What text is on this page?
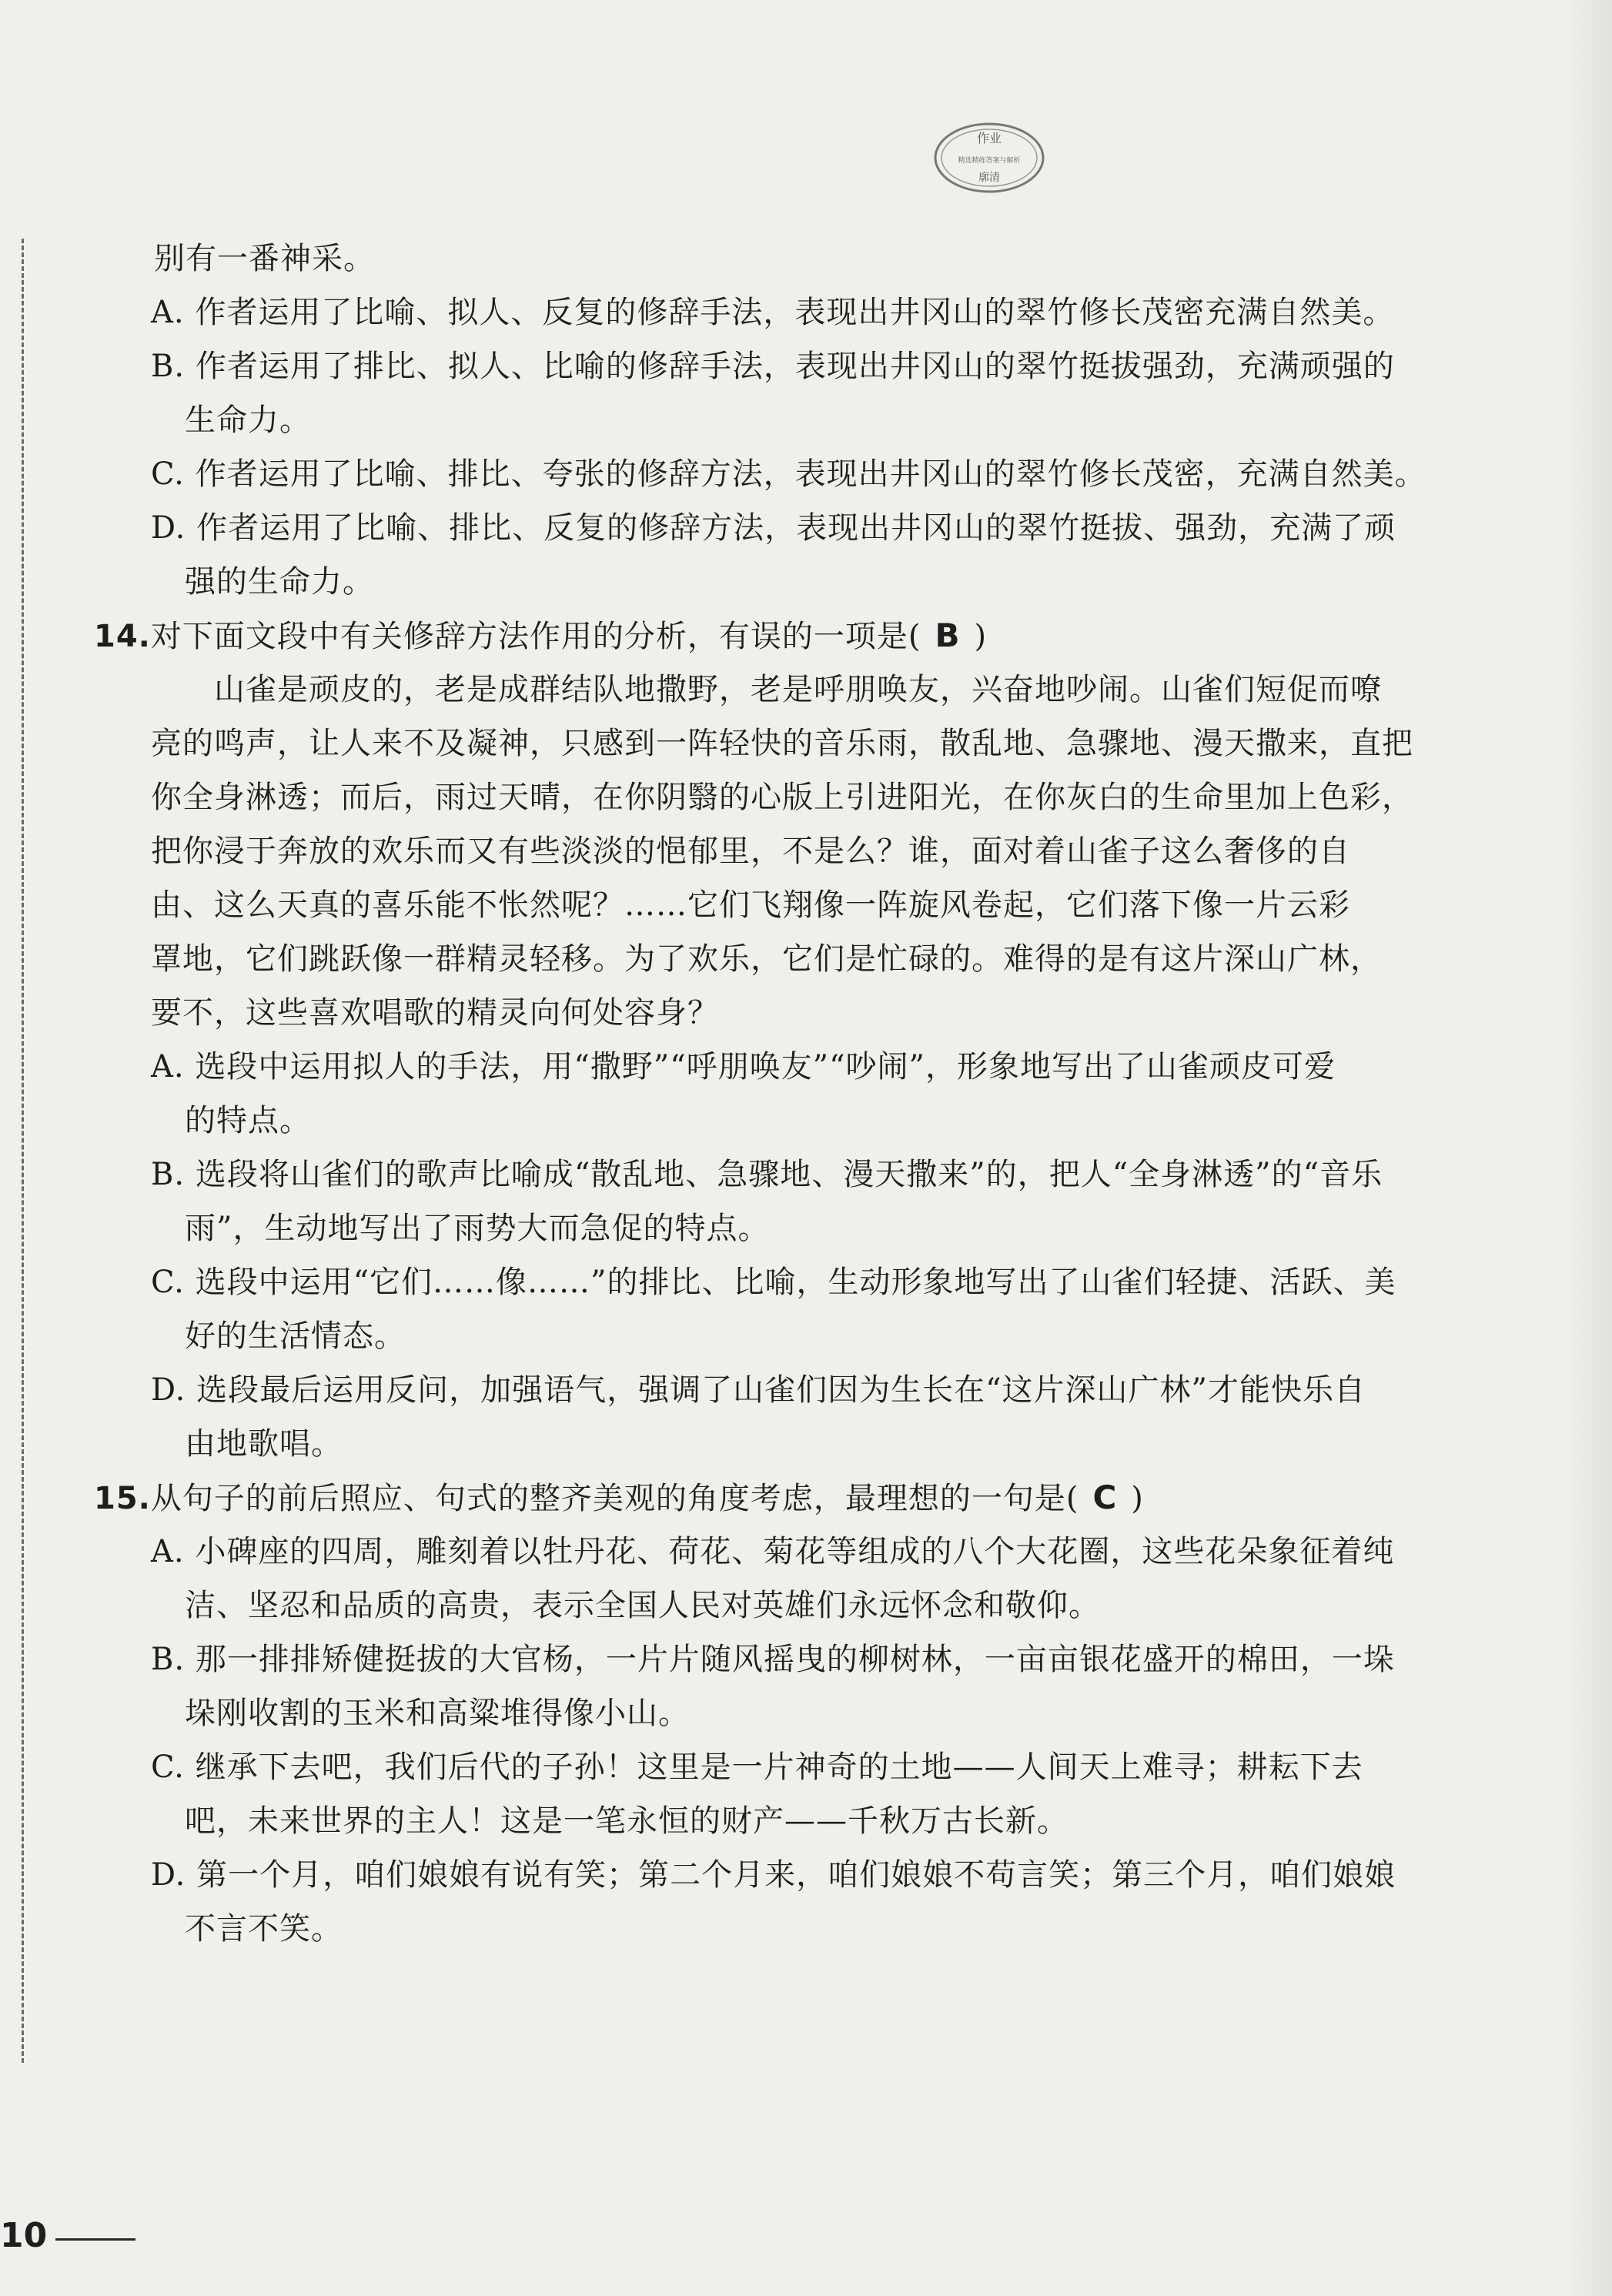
作业
精选精练答案与解析
廓清
别有一番神采。
A. 作者运用了比喻、拟人、反复的修辞手法，表现出井冈山的翠竹修长茂密充满自然美。
B. 作者运用了排比、拟人、比喻的修辞手法，表现出井冈山的翠竹挺拔强劲，充满顽强的
生命力。
C. 作者运用了比喻、排比、夸张的修辞方法，表现出井冈山的翠竹修长茂密，充满自然美。
D. 作者运用了比喻、排比、反复的修辞方法，表现出井冈山的翠竹挺拔、强劲，充满了顽
强的生命力。
14.对下面文段中有关修辞方法作用的分析，有误的一项是( B )
山雀是顽皮的，老是成群结队地撒野，老是呼朋唤友，兴奋地吵闹。山雀们短促而嘹
亮的鸣声，让人来不及凝神，只感到一阵轻快的音乐雨，散乱地、急骤地、漫天撒来，直把
你全身淋透；而后，雨过天晴，在你阴翳的心版上引进阳光，在你灰白的生命里加上色彩，
把你浸于奔放的欢乐而又有些淡淡的悒郁里，不是么？谁，面对着山雀子这么奢侈的自
由、这么天真的喜乐能不怅然呢？……它们飞翔像一阵旋风卷起，它们落下像一片云彩
罩地，它们跳跃像一群精灵轻移。为了欢乐，它们是忙碌的。难得的是有这片深山广林，
要不，这些喜欢唱歌的精灵向何处容身？
A. 选段中运用拟人的手法，用“撒野”“呼朋唤友”“吵闹”，形象地写出了山雀顽皮可爱
的特点。
B. 选段将山雀们的歌声比喻成“散乱地、急骤地、漫天撒来”的，把人“全身淋透”的“音乐
雨”，生动地写出了雨势大而急促的特点。
C. 选段中运用“它们……像……”的排比、比喻，生动形象地写出了山雀们轻捷、活跃、美
好的生活情态。
D. 选段最后运用反问，加强语气，强调了山雀们因为生长在“这片深山广林”才能快乐自
由地歌唱。
15.从句子的前后照应、句式的整齐美观的角度考虑，最理想的一句是( C )
A. 小碑座的四周，雕刻着以牡丹花、荷花、菊花等组成的八个大花圈，这些花朵象征着纯
洁、坚忍和品质的高贵，表示全国人民对英雄们永远怀念和敬仰。
B. 那一排排矫健挺拔的大官杨，一片片随风摇曳的柳树林，一亩亩银花盛开的棉田，一垛
垛刚收割的玉米和高粱堆得像小山。
C. 继承下去吧，我们后代的子孙！这里是一片神奇的土地——人间天上难寻；耕耘下去
吧，未来世界的主人！这是一笔永恒的财产——千秋万古长新。
D. 第一个月，咱们娘娘有说有笑；第二个月来，咱们娘娘不苟言笑；第三个月，咱们娘娘
不言不笑。
10
